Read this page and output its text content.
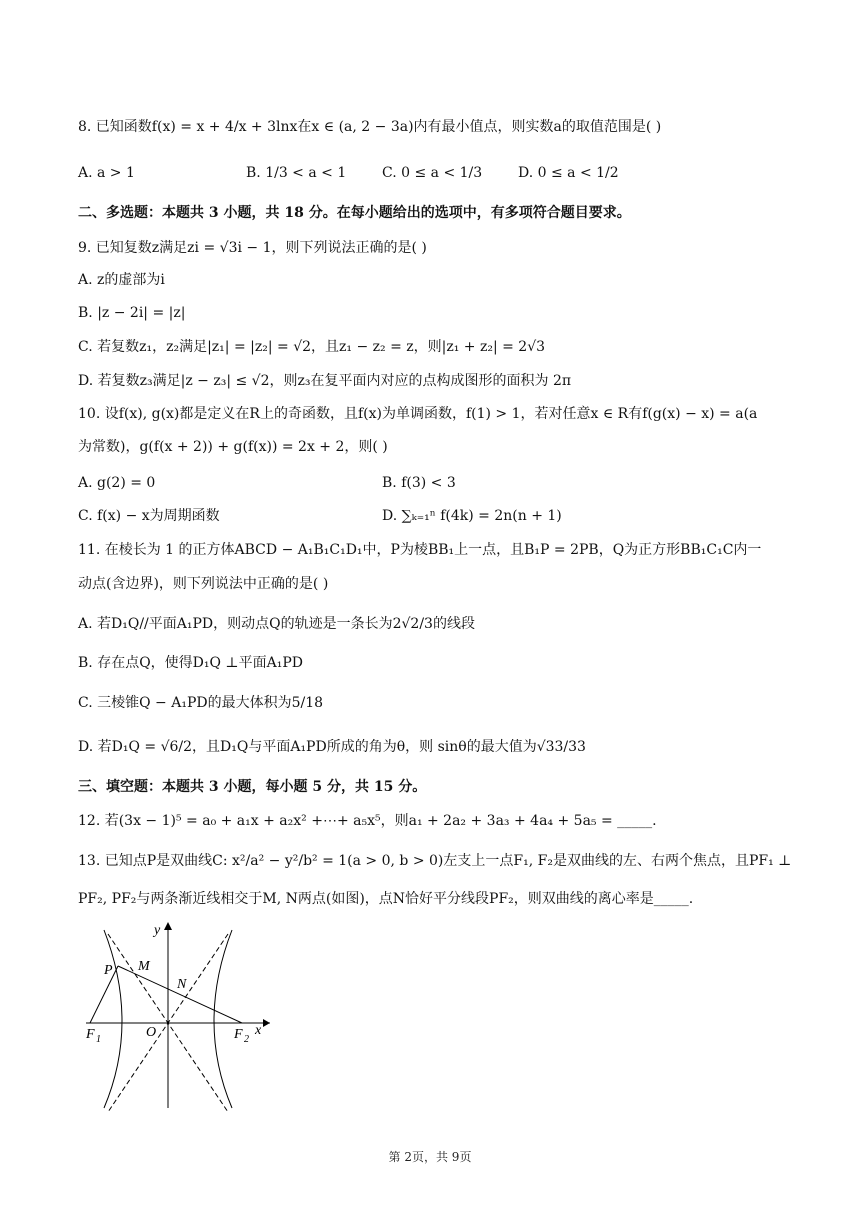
8. 已知函数f(x) = x + 4/x + 3lnx在x ∈ (a, 2 − 3a)内有最小值点，则实数a的取值范围是( )
A. a > 1	B. 1/3 < a < 1	C. 0 ≤ a < 1/3	D. 0 ≤ a < 1/2
二、多选题：本题共 3 小题，共 18 分。在每小题给出的选项中，有多项符合题目要求。
9. 已知复数z满足zi = √3i − 1，则下列说法正确的是( )
A. z的虚部为i
B. |z − 2i| = |z|
C. 若复数z₁，z₂满足|z₁| = |z₂| = √2，且z₁ − z₂ = z，则|z₁ + z₂| = 2√3
D. 若复数z₃满足|z − z₃| ≤ √2，则z₃在复平面内对应的点构成图形的面积为 2π
10. 设f(x), g(x)都是定义在R上的奇函数，且f(x)为单调函数，f(1) > 1，若对任意x ∈ R有f(g(x) − x) = a(a
为常数)，g(f(x + 2)) + g(f(x)) = 2x + 2，则( )
A. g(2) = 0	B. f(3) < 3
C. f(x) − x为周期函数	D. ∑ₖ₌₁ⁿ f(4k) = 2n(n + 1)
11. 在棱长为 1 的正方体ABCD − A₁B₁C₁D₁中，P为棱BB₁上一点，且B₁P = 2PB，Q为正方形BB₁C₁C内一
动点(含边界)，则下列说法中正确的是( )
A. 若D₁Q//平面A₁PD，则动点Q的轨迹是一条长为2√2/3的线段
B. 存在点Q，使得D₁Q ⊥平面A₁PD
C. 三棱锥Q − A₁PD的最大体积为5/18
D. 若D₁Q = √6/2，且D₁Q与平面A₁PD所成的角为θ，则 sinθ的最大值为√33/33
三、填空题：本题共 3 小题，每小题 5 分，共 15 分。
12. 若(3x − 1)⁵ = a₀ + a₁x + a₂x² +⋯+ a₅x⁵，则a₁ + 2a₂ + 3a₃ + 4a₄ + 5a₅ = _____.
13. 已知点P是双曲线C: x²/a² − y²/b² = 1(a > 0, b > 0)左支上一点F₁, F₂是双曲线的左、右两个焦点，且PF₁ ⊥
PF₂, PF₂与两条渐近线相交于M, N两点(如图)，点N恰好平分线段PF₂，则双曲线的离心率是_____.
y
x
P M
N
O
F 1	F 2
第 2页，共 9页
